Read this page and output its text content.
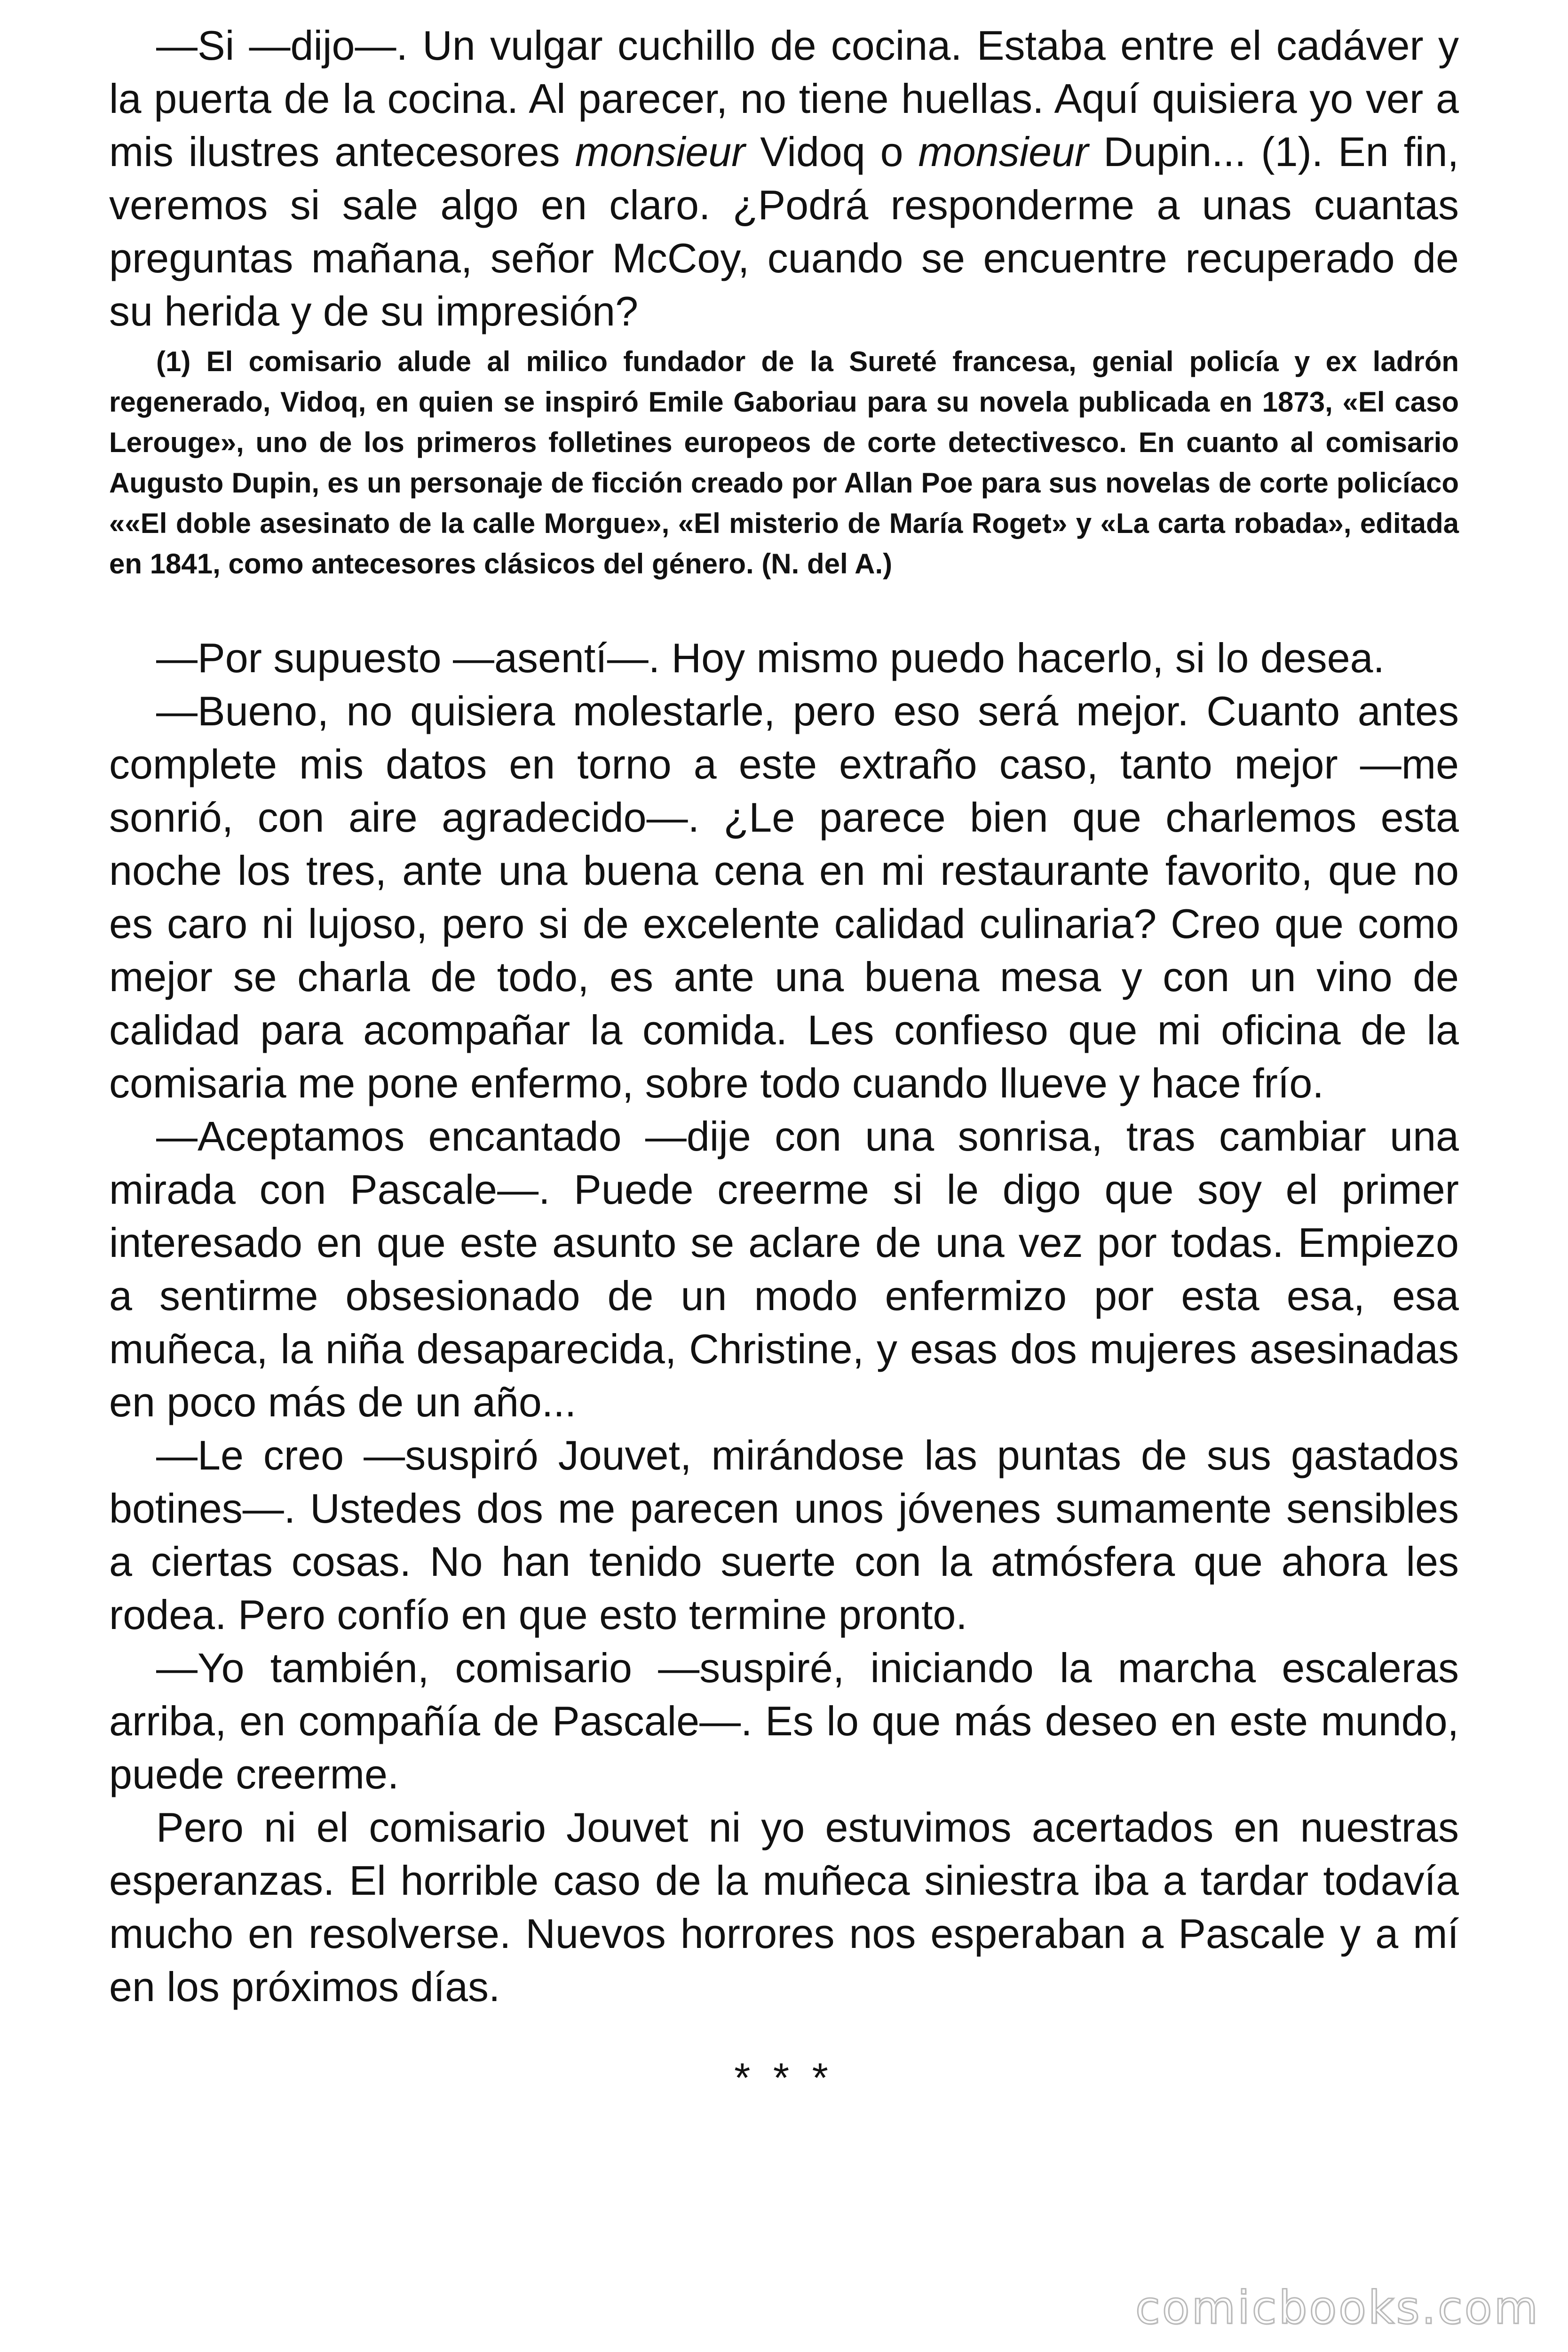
—Si —dijo—. Un vulgar cuchillo de cocina. Estaba entre el cadáver y la puerta de la cocina. Al parecer, no tiene huellas. Aquí quisiera yo ver a mis ilustres antecesores monsieur Vidoq o monsieur Dupin... (1). En fin, veremos si sale algo en claro. ¿Podrá responderme a unas cuantas preguntas mañana, señor McCoy, cuando se encuentre recuperado de su herida y de su impresión?

(1) El comisario alude al milico fundador de la Sureté francesa, genial policía y ex ladrón regenerado, Vidoq, en quien se inspiró Emile Gaboriau para su novela publicada en 1873, «El caso Lerouge», uno de los primeros folletines europeos de corte detectivesco. En cuanto al comisario Augusto Dupin, es un personaje de ficción creado por Allan Poe para sus novelas de corte policíaco ««El doble asesinato de la calle Morgue», «El misterio de María Roget» y «La carta robada», editada en 1841, como antecesores clásicos del género. (N. del A.)

—Por supuesto —asentí—. Hoy mismo puedo hacerlo, si lo desea.

—Bueno, no quisiera molestarle, pero eso será mejor. Cuanto antes complete mis datos en torno a este extraño caso, tanto mejor —me sonrió, con aire agradecido—. ¿Le parece bien que charlemos esta noche los tres, ante una buena cena en mi restaurante favorito, que no es caro ni lujoso, pero si de excelente calidad culinaria? Creo que como mejor se charla de todo, es ante una buena mesa y con un vino de calidad para acompañar la comida. Les confieso que mi oficina de la comisaria me pone enfermo, sobre todo cuando llueve y hace frío.

—Aceptamos encantado —dije con una sonrisa, tras cambiar una mirada con Pascale—. Puede creerme si le digo que soy el primer interesado en que este asunto se aclare de una vez por todas. Empiezo a sentirme obsesionado de un modo enfermizo por esta esa, esa muñeca, la niña desaparecida, Christine, y esas dos mujeres asesinadas en poco más de un año...

—Le creo —suspiró Jouvet, mirándose las puntas de sus gastados botines—. Ustedes dos me parecen unos jóvenes sumamente sensibles a ciertas cosas. No han tenido suerte con la atmósfera que ahora les rodea. Pero confío en que esto termine pronto.

—Yo también, comisario —suspiré, iniciando la marcha escaleras arriba, en compañía de Pascale—. Es lo que más deseo en este mundo, puede creerme.

Pero ni el comisario Jouvet ni yo estuvimos acertados en nuestras esperanzas. El horrible caso de la muñeca siniestra iba a tardar todavía mucho en resolverse. Nuevos horrores nos esperaban a Pascale y a mí en los próximos días.

* * *
comicbooks.com
